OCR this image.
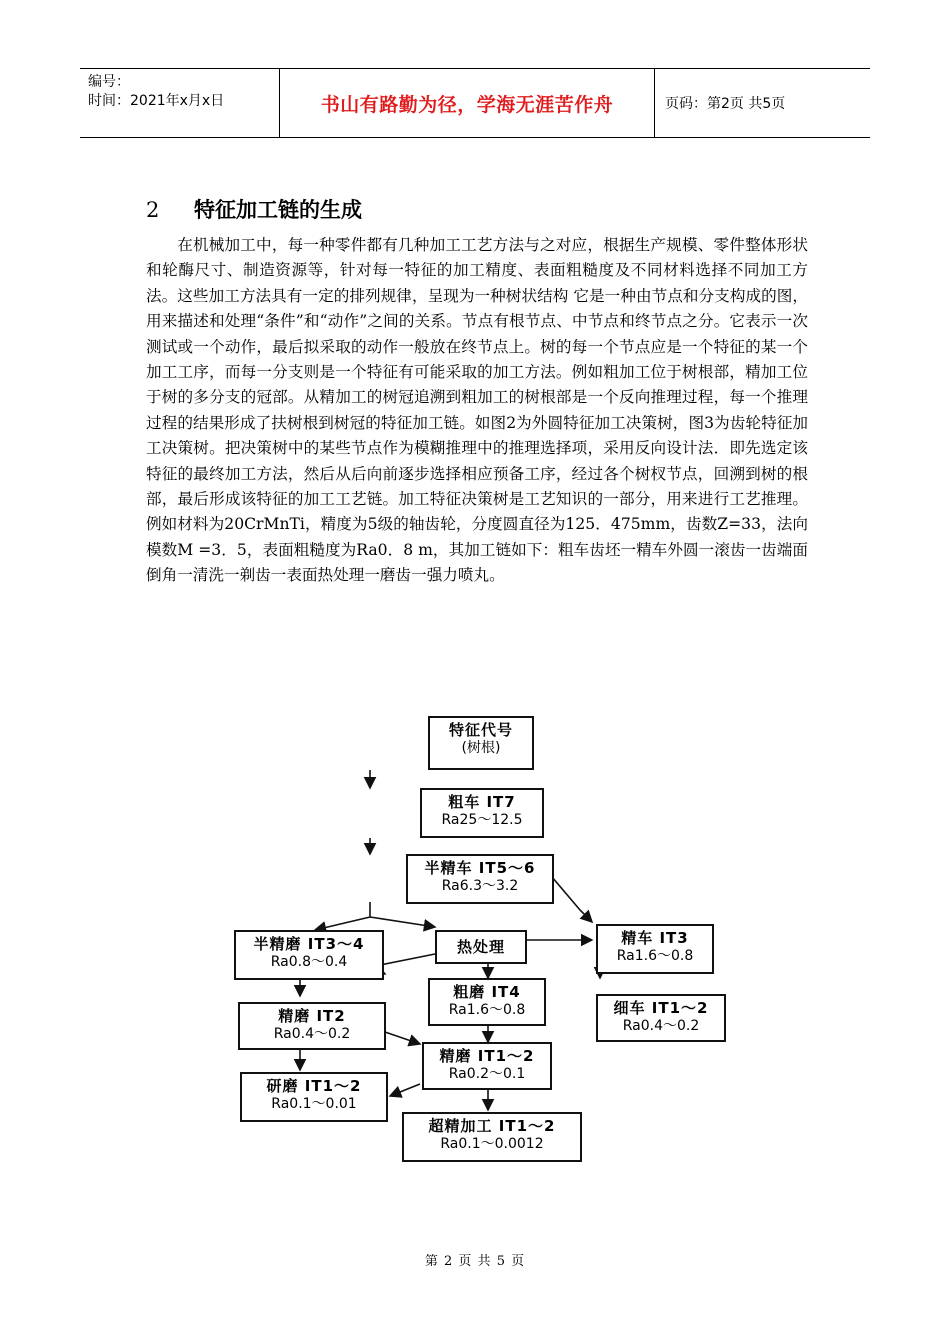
编号：
时间：2021年x月x日	书山有路勤为径，学海无涯苦作舟	页码：第2页 共5页
2 特征加工链的生成

在机械加工中，每一种零件都有几种加工工艺方法与之对应，根据生产规模、零件整体形状和轮酶尺寸、制造资源等，针对每一特征的加工精度、表面粗糙度及不同材料选择不同加工方法。这些加工方法具有一定的排列规律，呈现为一种树状结构 它是一种由节点和分支构成的图，用来描述和处理“条件”和“动作”之间的关系。节点有根节点、中节点和终节点之分。它表示一次测试或一个动作，最后拟采取的动作一般放在终节点上。树的每一个节点应是一个特征的某一个加工工序，而每一分支则是一个特征有可能采取的加工方法。例如粗加工位于树根部，精加工位于树的多分支的冠部。从精加工的树冠追溯到粗加工的树根部是一个反向推理过程，每一个推理过程的结果形成了扶树根到树冠的特征加工链。如图2为外圆特征加工决策树，图3为齿轮特征加工决策树。把决策树中的某些节点作为模糊推理中的推理选择项，采用反向设计法．即先选定该特征的最终加工方法，然后从后向前逐步选择相应预备工序，经过各个树杈节点，回溯到树的根部，最后形成该特征的加工工艺链。加工特征决策树是工艺知识的一部分，用来进行工艺推理。例如材料为20CrMnTi，精度为5级的轴齿轮，分度圆直径为125．475mm，齿数Z=33，法向模数M =3．5，表面粗糙度为Ra0．8 m，其加工链如下：粗车齿坯一精车外圆一滚齿一齿端面倒角一清洗一剃齿一表面热处理一磨齿一强力喷丸。

特征代号
(树根)
粗车 IT7
Ra25～12.5
半精车 IT5～6
Ra6.3～3.2
半精磨 IT3～4
Ra0.8～0.4
热处理	精车 IT3
Ra1.6～0.8
粗磨 IT4
Ra1.6～0.8	细车 IT1～2
Ra0.4～0.2
精磨 IT2
Ra0.4～0.2
精磨 IT1～2
Ra0.2～0.1
研磨 IT1～2
Ra0.1～0.01
超精加工 IT1～2
Ra0.1～0.0012
第 2 页 共 5 页
